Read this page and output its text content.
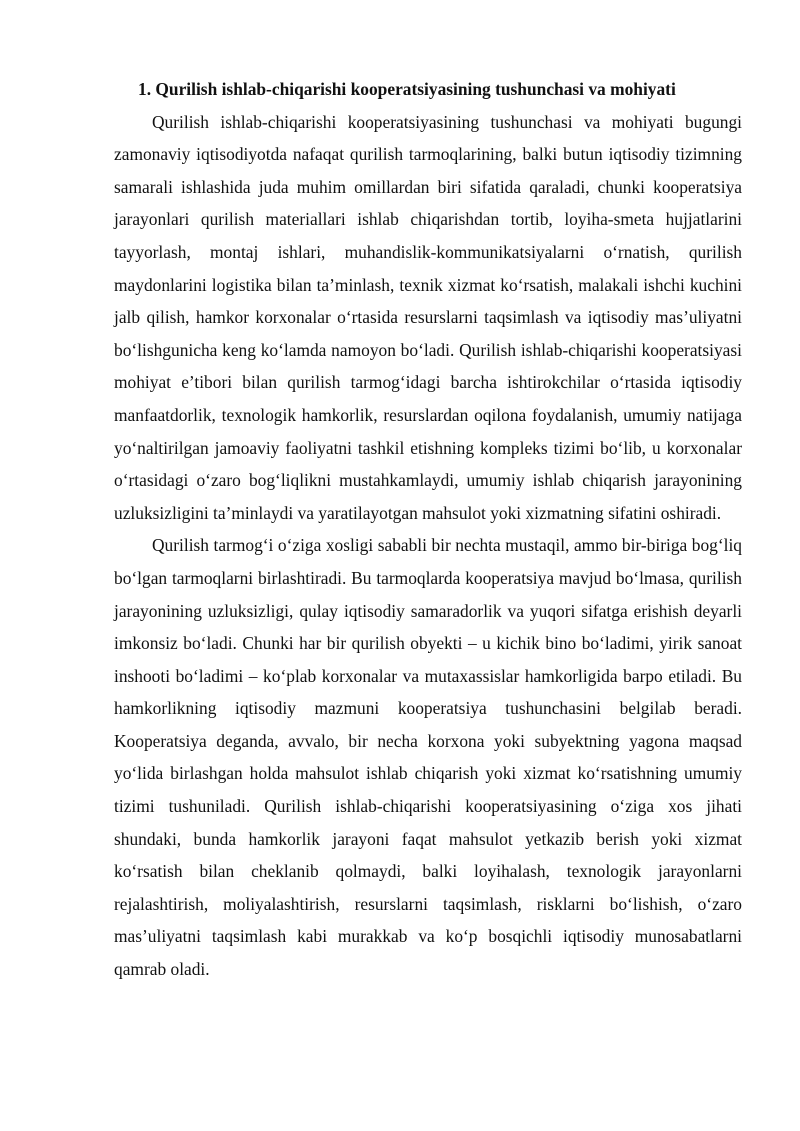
1. Qurilish ishlab-chiqarishi kooperatsiyasining tushunchasi va mohiyati

Qurilish ishlab-chiqarishi kooperatsiyasining tushunchasi va mohiyati bugungi zamonaviy iqtisodiyotda nafaqat qurilish tarmoqlarining, balki butun iqtisodiy tizimning samarali ishlashida juda muhim omillardan biri sifatida qaraladi, chunki kooperatsiya jarayonlari qurilish materiallari ishlab chiqarishdan tortib, loyiha-smeta hujjatlarini tayyorlash, montaj ishlari, muhandislik-kommunikatsiyalarni o‘rnatish, qurilish maydonlarini logistika bilan ta’minlash, texnik xizmat ko‘rsatish, malakali ishchi kuchini jalb qilish, hamkor korxonalar o‘rtasida resurslarni taqsimlash va iqtisodiy mas’uliyatni bo‘lishgunicha keng ko‘lamda namoyon bo‘ladi. Qurilish ishlab-chiqarishi kooperatsiyasi mohiyat e’tibori bilan qurilish tarmog‘idagi barcha ishtirokchilar o‘rtasida iqtisodiy manfaatdorlik, texnologik hamkorlik, resurslardan oqilona foydalanish, umumiy natijaga yo‘naltirilgan jamoaviy faoliyatni tashkil etishning kompleks tizimi bo‘lib, u korxonalar o‘rtasidagi o‘zaro bog‘liqlikni mustahkamlaydi, umumiy ishlab chiqarish jarayonining uzluksizligini ta’minlaydi va yaratilayotgan mahsulot yoki xizmatning sifatini oshiradi.

Qurilish tarmog‘i o‘ziga xosligi sababli bir nechta mustaqil, ammo bir-biriga bog‘liq bo‘lgan tarmoqlarni birlashtiradi. Bu tarmoqlarda kooperatsiya mavjud bo‘lmasa, qurilish jarayonining uzluksizligi, qulay iqtisodiy samaradorlik va yuqori sifatga erishish deyarli imkonsiz bo‘ladi. Chunki har bir qurilish obyekti – u kichik bino bo‘ladimi, yirik sanoat inshooti bo‘ladimi – ko‘plab korxonalar va mutaxassislar hamkorligida barpo etiladi. Bu hamkorlikning iqtisodiy mazmuni kooperatsiya tushunchasini belgilab beradi. Kooperatsiya deganda, avvalo, bir necha korxona yoki subyektning yagona maqsad yo‘lida birlashgan holda mahsulot ishlab chiqarish yoki xizmat ko‘rsatishning umumiy tizimi tushuniladi. Qurilish ishlab-chiqarishi kooperatsiyasining o‘ziga xos jihati shundaki, bunda hamkorlik jarayoni faqat mahsulot yetkazib berish yoki xizmat ko‘rsatish bilan cheklanib qolmaydi, balki loyihalash, texnologik jarayonlarni rejalashtirish, moliyalashtirish, resurslarni taqsimlash, risklarni bo‘lishish, o‘zaro mas’uliyatni taqsimlash kabi murakkab va ko‘p bosqichli iqtisodiy munosabatlarni qamrab oladi.
